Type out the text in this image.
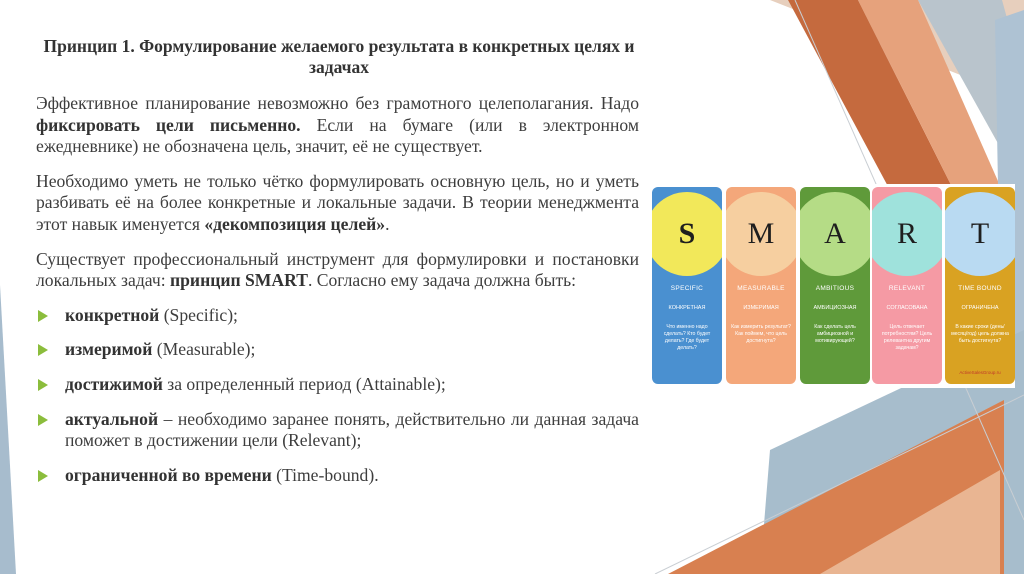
Принцип 1. Формулирование желаемого результата в конкретных целях и задачах

Эффективное планирование невозможно без грамотного целеполагания. Надо фиксировать цели письменно. Если на бумаге (или в электронном ежедневнике) не обозначена цель, значит, её не существует.

Необходимо уметь не только чётко формулировать основную цель, но и уметь разбивать её на более конкретные и локальные задачи. В теории менеджмента этот навык именуется «декомпозиция целей».

Существует профессиональный инструмент для формулировки и постановки локальных задач: принцип SMART. Согласно ему задача должна быть:

конкретной (Specific);
измеримой (Measurable);
достижимой за определенный период (Attainable);
актуальной – необходимо заранее понять, действительно ли данная задача поможет в достижении цели (Relevant);
ограниченной во времени (Time-bound).
S
SPECIFIC
КОНКРЕТНАЯ
Что именно надо сделать? Кто будет делать? Где будет делать?
M
MEASURABLE
ИЗМЕРИМАЯ
Как измерить результат? Как поймем, что цель достигнута?
A
AMBITIOUS
АМБИЦИОЗНАЯ
Как сделать цель амбициозной и мотивирующей?
R
RELEVANT
СОГЛАСОВАНА
Цель отвечает потребностям? Цель релевантна другим задачам?
T
TIME BOUND
ОГРАНИЧЕНА
В какие сроки (день/месяц/год) цель должна быть достигнута?
ActiveSalesGroup.ru
